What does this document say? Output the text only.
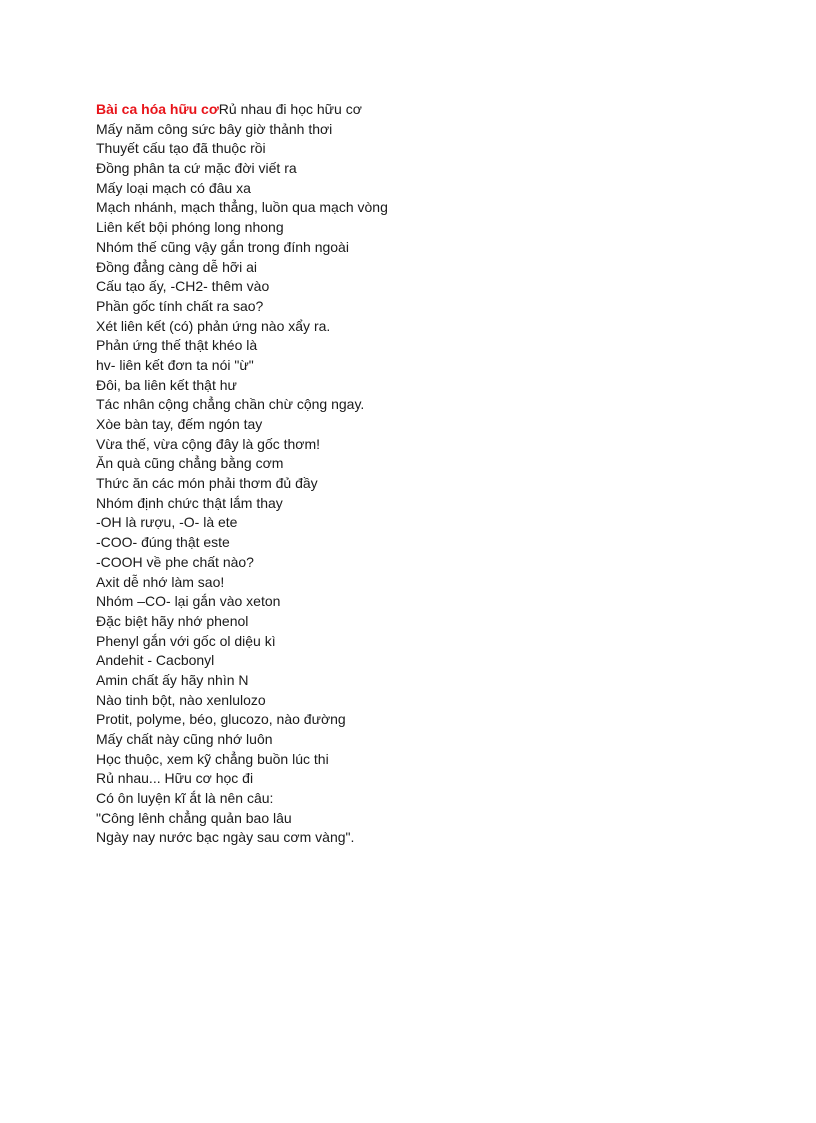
Bài ca hóa hữu cơRủ nhau đi học hữu cơ
Mấy năm công sức bây giờ thảnh thơi
Thuyết cấu tạo đã thuộc rồi
Đồng phân ta cứ mặc đời viết ra
Mấy loại mạch có đâu xa
Mạch nhánh, mạch thẳng, luồn qua mạch vòng
Liên kết bội phóng long nhong
Nhóm thế cũng vậy gắn trong đính ngoài
Đồng đẳng càng dễ hỡi ai
Cấu tạo ấy, -CH2- thêm vào
Phần gốc tính chất ra sao?
Xét liên kết (có) phản ứng nào xẩy ra.
Phản ứng thế thật khéo là
hv- liên kết đơn ta nói "ừ"
Đôi, ba liên kết thật hư
Tác nhân cộng chẳng chần chừ cộng ngay.
Xòe bàn tay, đếm ngón tay
Vừa thế, vừa cộng đây là gốc thơm!
Ăn quà cũng chẳng bằng cơm
Thức ăn các món phải thơm đủ đầy
Nhóm định chức thật lắm thay
-OH là rượu, -O- là ete
-COO- đúng thật este
-COOH về phe chất nào?
Axit dễ nhớ làm sao!
Nhóm –CO- lại gắn vào xeton
Đặc biệt hãy nhớ phenol
Phenyl gắn với gốc ol diệu kì
Andehit - Cacbonyl
Amin chất ấy hãy nhìn N
Nào tinh bột, nào xenlulozo
Protit, polyme, béo, glucozo, nào đường
Mấy chất này cũng nhớ luôn
Học thuộc, xem kỹ chẳng buồn lúc thi
Rủ nhau... Hữu cơ học đi
Có ôn luyện kĩ ắt là nên câu:
"Công lênh chẳng quản bao lâu
Ngày nay nước bạc ngày sau cơm vàng".
